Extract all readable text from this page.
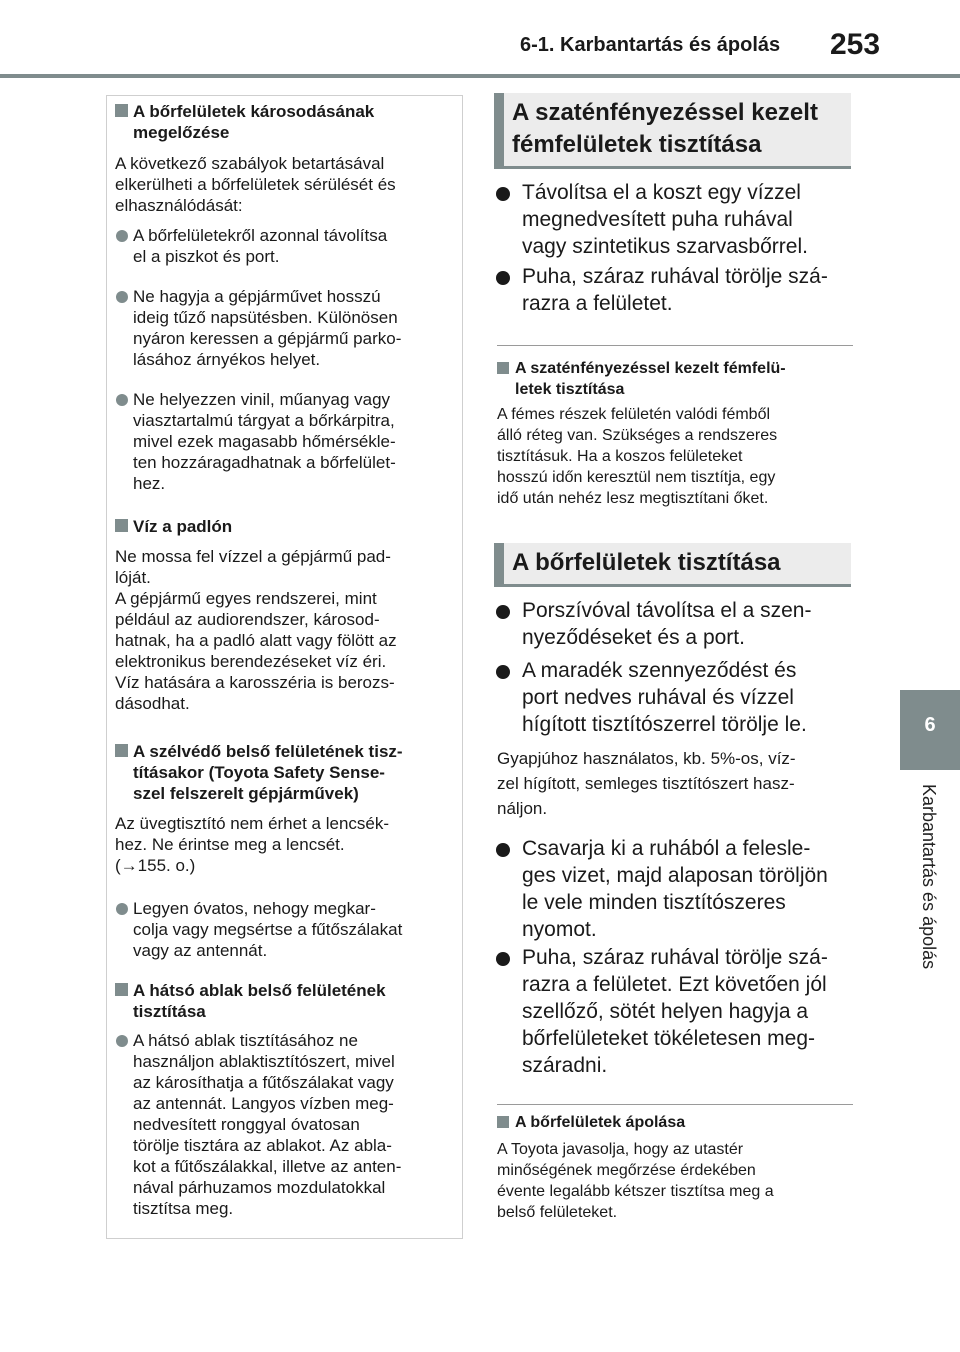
6-1. Karbantartás és ápolás 253
6
Karbantartás és ápolás
A bőrfelületek károsodásának
megelőzése
A következő szabályok betartásával
elkerülheti a bőrfelületek sérülését és
elhasználódását:
A bőrfelületekről azonnal távolítsa
el a piszkot és port.
Ne hagyja a gépjárművet hosszú
ideig tűző napsütésben. Különösen
nyáron keressen a gépjármű parko-
lásához árnyékos helyet.
Ne helyezzen vinil, műanyag vagy
viasztartalmú tárgyat a bőrkárpitra,
mivel ezek magasabb hőmérsékle-
ten hozzáragadhatnak a bőrfelület-
hez.
Víz a padlón
Ne mossa fel vízzel a gépjármű pad-
lóját.
A gépjármű egyes rendszerei, mint
például az audiorendszer, károsod-
hatnak, ha a padló alatt vagy fölött az
elektronikus berendezéseket víz éri.
Víz hatására a karosszéria is berozs-
dásodhat.
A szélvédő belső felületének tisz-
tításakor (Toyota Safety Sense-
szel felszerelt gépjárművek)
Az üvegtisztító nem érhet a lencsék-
hez. Ne érintse meg a lencsét.
(→155. o.)
Legyen óvatos, nehogy megkar-
colja vagy megsértse a fűtőszálakat
vagy az antennát.
A hátsó ablak belső felületének
tisztítása
A hátsó ablak tisztításához ne
használjon ablaktisztítószert, mivel
az károsíthatja a fűtőszálakat vagy
az antennát. Langyos vízben meg-
nedvesített ronggyal óvatosan
törölje tisztára az ablakot. Az abla-
kot a fűtőszálakkal, illetve az anten-
nával párhuzamos mozdulatokkal
tisztítsa meg.
A szaténfényezéssel kezelt
fémfelületek tisztítása
Távolítsa el a koszt egy vízzel
megnedvesített puha ruhával
vagy szintetikus szarvasbőrrel.
Puha, száraz ruhával törölje szá-
razra a felületet.
A szaténfényezéssel kezelt fémfelü-
letek tisztítása
A fémes részek felületén valódi fémből
álló réteg van. Szükséges a rendszeres
tisztításuk. Ha a koszos felületeket
hosszú időn keresztül nem tisztítja, egy
idő után nehéz lesz megtisztítani őket.
A bőrfelületek tisztítása
Porszívóval távolítsa el a szen-
nyeződéseket és a port.
A maradék szennyeződést és
port nedves ruhával és vízzel
hígított tisztítószerrel törölje le.
Gyapjúhoz használatos, kb. 5%-os, víz-
zel hígított, semleges tisztítószert hasz-
náljon.
Csavarja ki a ruhából a felesle-
ges vizet, majd alaposan töröljön
le vele minden tisztítószeres
nyomot.
Puha, száraz ruhával törölje szá-
razra a felületet. Ezt követően jól
szellőző, sötét helyen hagyja a
bőrfelületeket tökéletesen meg-
száradni.
A bőrfelületek ápolása
A Toyota javasolja, hogy az utastér
minőségének megőrzése érdekében
évente legalább kétszer tisztítsa meg a
belső felületeket.
